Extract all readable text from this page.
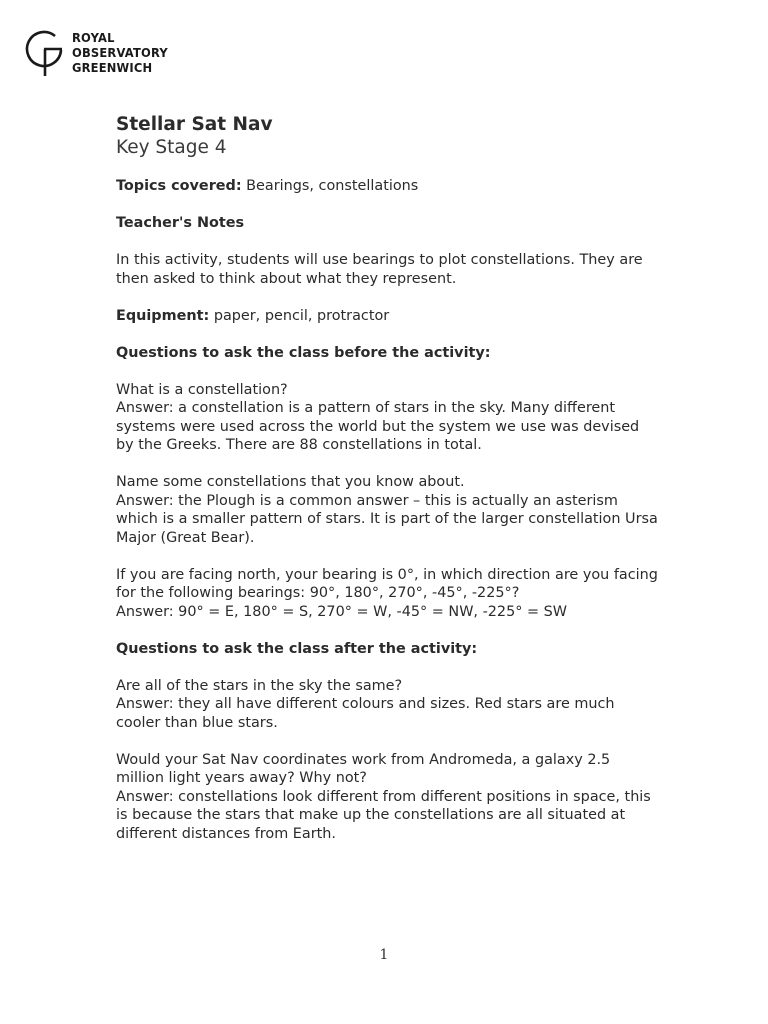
ROYAL
OBSERVATORY
GREENWICH
Stellar Sat Nav
Key Stage 4
Topics covered: Bearings, constellations
Teacher's Notes
In this activity, students will use bearings to plot constellations. They are then asked to think about what they represent.
Equipment: paper, pencil, protractor
Questions to ask the class before the activity:
What is a constellation?
Answer: a constellation is a pattern of stars in the sky. Many different systems were used across the world but the system we use was devised by the Greeks. There are 88 constellations in total.
Name some constellations that you know about.
Answer: the Plough is a common answer – this is actually an asterism which is a smaller pattern of stars. It is part of the larger constellation Ursa Major (Great Bear).
If you are facing north, your bearing is 0°, in which direction are you facing for the following bearings: 90°, 180°, 270°, -45°, -225°?
Answer: 90° = E, 180° = S, 270° = W, -45° = NW, -225° = SW
Questions to ask the class after the activity:
Are all of the stars in the sky the same?
Answer: they all have different colours and sizes. Red stars are much cooler than blue stars.
Would your Sat Nav coordinates work from Andromeda, a galaxy 2.5 million light years away? Why not?
Answer: constellations look different from different positions in space, this is because the stars that make up the constellations are all situated at different distances from Earth.
1
